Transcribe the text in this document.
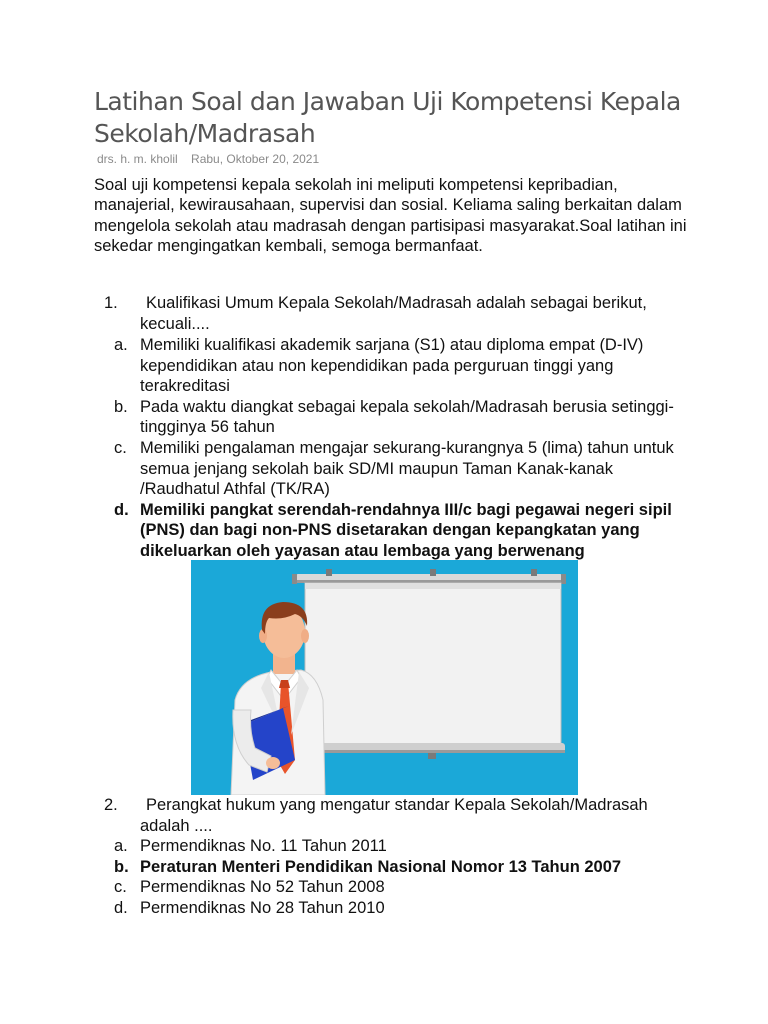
Latihan Soal dan Jawaban Uji Kompetensi Kepala Sekolah/Madrasah
drs. h. m. kholil Rabu, Oktober 20, 2021

Soal uji kompetensi kepala sekolah ini meliputi kompetensi kepribadian, manajerial, kewirausahaan, supervisi dan sosial. Keliama saling berkaitan dalam mengelola sekolah atau madrasah dengan partisipasi masyarakat.Soal latihan ini sekedar mengingatkan kembali, semoga bermanfaat.

1.	Kualifikasi Umum Kepala Sekolah/Madrasah adalah sebagai berikut, kecuali....
a. Memiliki kualifikasi akademik sarjana (S1) atau diploma empat (D-IV) kependidikan atau non kependidikan pada perguruan tinggi yang terakreditasi
b. Pada waktu diangkat sebagai kepala sekolah/Madrasah berusia setinggi-tingginya 56 tahun
c. Memiliki pengalaman mengajar sekurang-kurangnya 5 (lima) tahun untuk semua jenjang sekolah baik SD/MI maupun Taman Kanak-kanak /Raudhatul Athfal (TK/RA)
d. Memiliki pangkat serendah-rendahnya III/c bagi pegawai negeri sipil (PNS) dan bagi non-PNS disetarakan dengan kepangkatan yang dikeluarkan oleh yayasan atau lembaga yang berwenang
2.	Perangkat hukum yang mengatur standar Kepala Sekolah/Madrasah adalah ....
a. Permendiknas No. 11 Tahun 2011
b. Peraturan Menteri Pendidikan Nasional Nomor 13 Tahun 2007
c. Permendiknas No 52 Tahun 2008
d. Permendiknas No 28 Tahun 2010
